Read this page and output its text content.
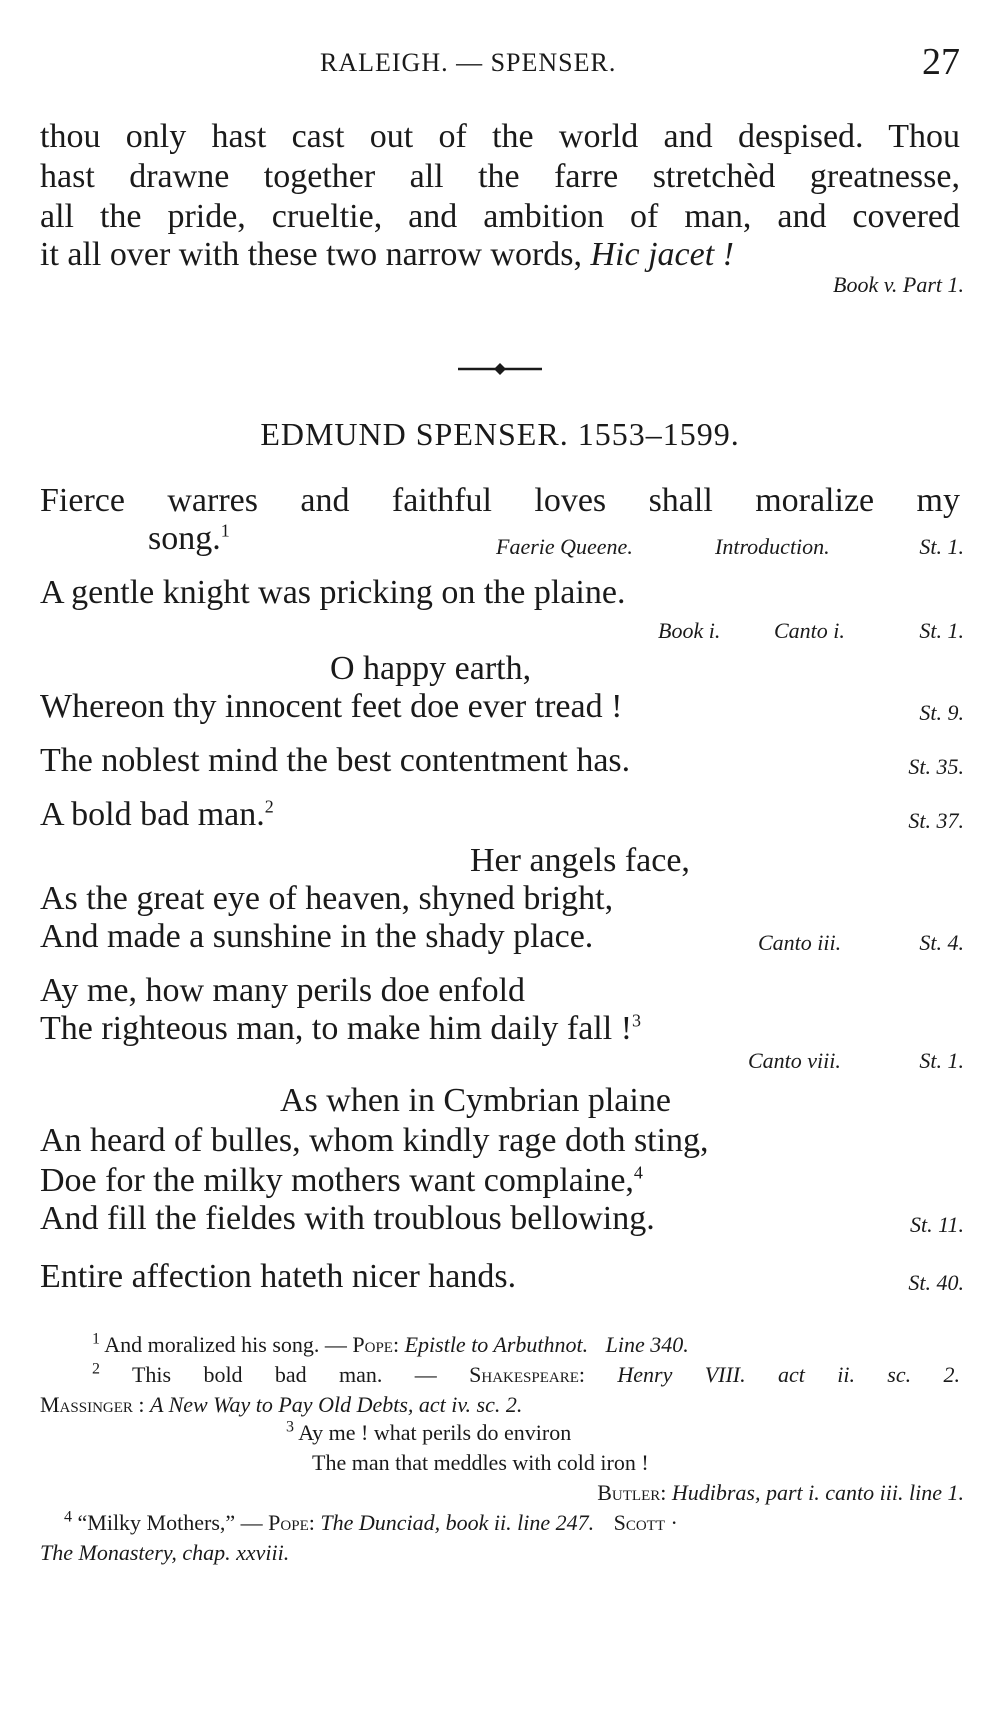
RALEIGH. — SPENSER.	27
thou only hast cast out of the world and despised. Thou
hast drawne together all the farre stretchèd greatnesse,
all the pride, crueltie, and ambition of man, and covered
it all over with these two narrow words, Hic jacet !
Book v. Part 1.
EDMUND SPENSER. 1553–1599.
Fierce warres and faithful loves shall moralize my
song.$^1$
Faerie Queene.	Introduction.	St. 1.
A gentle knight was pricking on the plaine.
Book i. Canto i.	St. 1.
O happy earth,
Whereon thy innocent feet doe ever tread !	St. 9.
The noblest mind the best contentment has.	St. 35.
A bold bad man.$^2$
St. 37.
Her angels face,
As the great eye of heaven, shyned bright,
And made a sunshine in the shady place.	Canto iii.	St. 4.
Ay me, how many perils doe enfold
The righteous man, to make him daily fall !$^3$
Canto viii.	St. 1.
As when in Cymbrian plaine
An heard of bulles, whom kindly rage doth sting,
Doe for the milky mothers want complaine,$^4$
And fill the fieldes with troublous bellowing.	St. 11.
Entire affection hateth nicer hands.	St. 40.
$^1$ And moralized his song. — Pope: Epistle to Arbuthnot. Line 340.
$^2$ This bold bad man. — Shakespeare: Henry VIII. act ii. sc. 2.
Massinger : A New Way to Pay Old Debts, act iv. sc. 2.
$^3$ Ay me ! what perils do environ
The man that meddles with cold iron !
Butler: Hudibras, part i. canto iii. line 1.
$^4$ “Milky Mothers,” — Pope: The Dunciad, book ii. line 247. Scott ·
The Monastery, chap. xxviii.
